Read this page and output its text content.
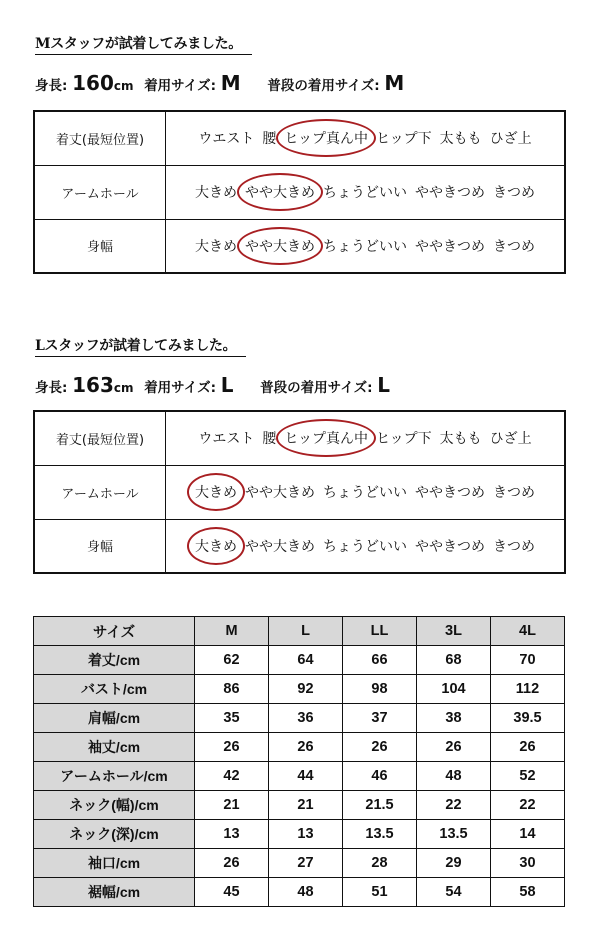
Mスタッフが試着してみました。
身長: 160cm 着用サイズ: M 普段の着用サイズ: M
着丈(最短位置)	ウエスト 腰 ヒップ真ん中 ヒップ下 太もも ひざ上
アームホール	大きめ やや大きめ ちょうどいい ややきつめ きつめ
身幅	大きめ やや大きめ ちょうどいい ややきつめ きつめ
Lスタッフが試着してみました。
身長: 163cm 着用サイズ: L 普段の着用サイズ: L
着丈(最短位置)	ウエスト 腰 ヒップ真ん中 ヒップ下 太もも ひざ上
アームホール	大きめ やや大きめ ちょうどいい ややきつめ きつめ
身幅	大きめ やや大きめ ちょうどいい ややきつめ きつめ
サイズ	M	L	LL	3L	4L
着丈/cm	62	64	66	68	70
バスト/cm	86	92	98	104	112
肩幅/cm	35	36	37	38	39.5
袖丈/cm	26	26	26	26	26
アームホール/cm	42	44	46	48	52
ネック(幅)/cm	21	21	21.5	22	22
ネック(深)/cm	13	13	13.5	13.5	14
袖口/cm	26	27	28	29	30
裾幅/cm	45	48	51	54	58
